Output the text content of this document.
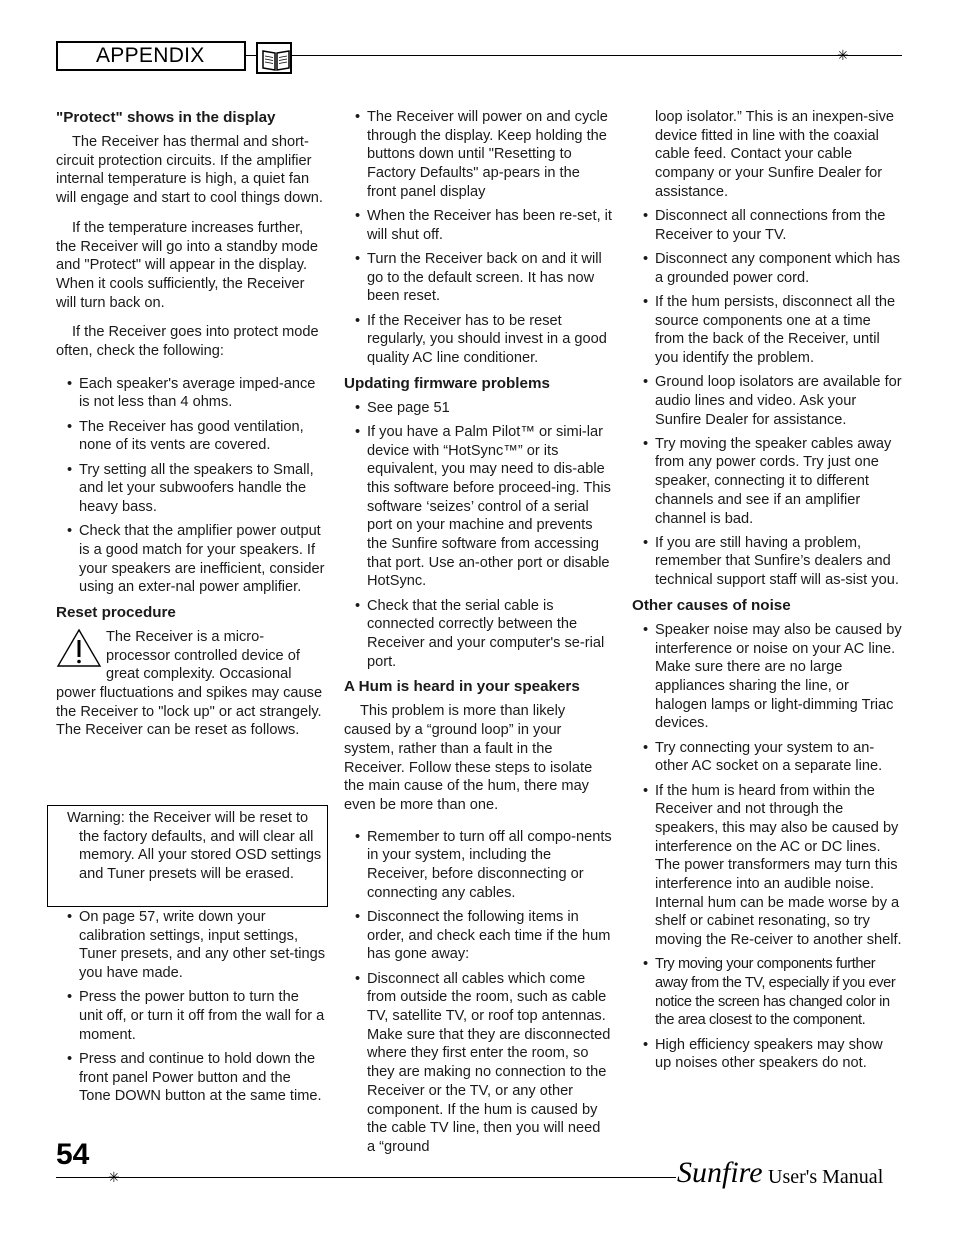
APPENDIX	✳
"Protect" shows in the display

The Receiver has thermal and short-circuit protection circuits. If the amplifier internal temperature is high, a quiet fan will engage and start to cool things down.

If the temperature increases further, the Receiver will go into a standby mode and "Protect" will appear in the display. When it cools sufficiently, the Receiver will turn back on.

If the Receiver goes into protect mode often, check the following:

• Each speaker's average imped-ance is not less than 4 ohms.
• The Receiver has good ventilation, none of its vents are covered.
• Try setting all the speakers to Small, and let your subwoofers handle the heavy bass.
• Check that the amplifier power output is a good match for your speakers. If your speakers are inefficient, consider using an exter-nal power amplifier.
Reset procedure

The Receiver is a micro-processor controlled device of great complexity. Occasional power fluctuations and spikes may cause the Receiver to "lock up" or act strangely. The Receiver can be reset as follows.

Warning: the Receiver will be reset to the factory defaults, and will clear all memory. All your stored OSD settings and Tuner presets will be erased.
• On page 57, write down your calibration settings, input settings, Tuner presets, and any other set-tings you have made.
• Press the power button to turn the unit off, or turn it off from the wall for a moment.
• Press and continue to hold down the front panel Power button and the Tone DOWN button at the same time.
• The Receiver will power on and cycle through the display. Keep holding the buttons down until "Resetting to Factory Defaults" ap-pears in the front panel display
• When the Receiver has been re-set, it will shut off.
• Turn the Receiver back on and it will go to the default screen. It has now been reset.
• If the Receiver has to be reset regularly, you should invest in a good quality AC line conditioner.
Updating firmware problems
• See page 51
• If you have a Palm Pilot™ or simi-lar device with “HotSync™” or its equivalent, you may need to dis-able this software before proceed-ing. This software ‘seizes’ control of a serial port on your machine and prevents the Sunfire software from accessing that port. Use an-other port or disable HotSync.
• Check that the serial cable is connected correctly between the Receiver and your computer's se-rial port.
A Hum is heard in your speakers

This problem is more than likely caused by a “ground loop” in your system, rather than a fault in the Receiver. Follow these steps to isolate the main cause of the hum, there may even be more than one.

• Remember to turn off all compo-nents in your system, including the Receiver, before disconnecting or connecting any cables.
• Disconnect the following items in order, and check each time if the hum has gone away:
• Disconnect all cables which come from outside the room, such as cable TV, satellite TV, or roof top antennas. Make sure that they are disconnected where they first enter the room, so they are making no connection to the Receiver or the TV, or any other component. If the hum is caused by the cable TV line, then you will need a “ground
loop isolator.” This is an inexpen-sive device fitted in line with the coaxial cable feed. Contact your cable company or your Sunfire Dealer for assistance.
• Disconnect all connections from the Receiver to your TV.
• Disconnect any component which has a grounded power cord.
• If the hum persists, disconnect all the source components one at a time from the back of the Receiver, until you identify the problem.
• Ground loop isolators are available for audio lines and video. Ask your Sunfire Dealer for assistance.
• Try moving the speaker cables away from any power cords. Try just one speaker, connecting it to different channels and see if an amplifier channel is bad.
• If you are still having a problem, remember that Sunfire’s dealers and technical support staff will as-sist you.
Other causes of noise
• Speaker noise may also be caused by interference or noise on your AC line. Make sure there are no large appliances sharing the line, or halogen lamps or light-dimming Triac devices.
• Try connecting your system to an-other AC socket on a separate line.
• If the hum is heard from within the Receiver and not through the speakers, this may also be caused by interference on the AC or DC lines. The power transformers may turn this interference into an audible noise. Internal hum can be made worse by a shelf or cabinet resonating, so try moving the Re-ceiver to another shelf.
• Try moving your components further away from the TV, especially if you ever notice the screen has changed color in the area closest to the component.
• High efficiency speakers may show up noises other speakers do not.
54
✳	Sunfire User's Manual
